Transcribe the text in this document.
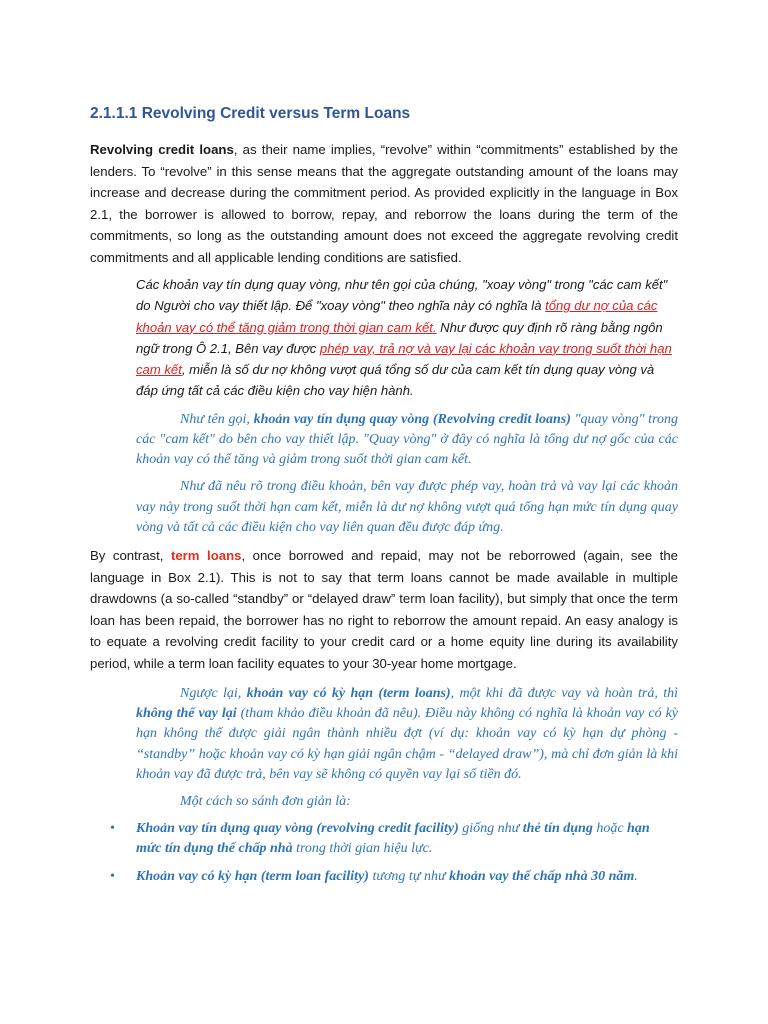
2.1.1.1 Revolving Credit versus Term Loans

Revolving credit loans, as their name implies, “revolve” within “commitments” established by the lenders. To “revolve” in this sense means that the aggregate outstanding amount of the loans may increase and decrease during the commitment period. As provided explicitly in the language in Box 2.1, the borrower is allowed to borrow, repay, and reborrow the loans during the term of the commitments, so long as the outstanding amount does not exceed the aggregate revolving credit commitments and all applicable lending conditions are satisfied.

Các khoản vay tín dụng quay vòng, như tên gọi của chúng, "xoay vòng" trong "các cam kết" do Người cho vay thiết lập. Để "xoay vòng" theo nghĩa này có nghĩa là tổng dư nợ của các khoản vay có thể tăng giảm trong thời gian cam kết. Như được quy định rõ ràng bằng ngôn ngữ trong Ô 2.1, Bên vay được phép vay, trả nợ và vay lại các khoản vay trong suốt thời hạn cam kết, miễn là số dư nợ không vượt quá tổng số dư của cam kết tín dụng quay vòng và đáp ứng tất cả các điều kiện cho vay hiện hành.

Như tên gọi, khoản vay tín dụng quay vòng (Revolving credit loans) "quay vòng" trong các "cam kết" do bên cho vay thiết lập. "Quay vòng" ở đây có nghĩa là tổng dư nợ gốc của các khoản vay có thể tăng và giảm trong suốt thời gian cam kết.

Như đã nêu rõ trong điều khoản, bên vay được phép vay, hoàn trả và vay lại các khoản vay này trong suốt thời hạn cam kết, miễn là dư nợ không vượt quá tổng hạn mức tín dụng quay vòng và tất cả các điều kiện cho vay liên quan đều được đáp ứng.

By contrast, term loans, once borrowed and repaid, may not be reborrowed (again, see the language in Box 2.1). This is not to say that term loans cannot be made available in multiple drawdowns (a so-called “standby” or “delayed draw” term loan facility), but simply that once the term loan has been repaid, the borrower has no right to reborrow the amount repaid. An easy analogy is to equate a revolving credit facility to your credit card or a home equity line during its availability period, while a term loan facility equates to your 30-year home mortgage.

Ngược lại, khoản vay có kỳ hạn (term loans), một khi đã được vay và hoàn trả, thì không thể vay lại (tham khảo điều khoản đã nêu). Điều này không có nghĩa là khoản vay có kỳ hạn không thể được giải ngân thành nhiều đợt (ví dụ: khoản vay có kỳ hạn dự phòng - “standby” hoặc khoản vay có kỳ hạn giải ngân chậm - “delayed draw”), mà chỉ đơn giản là khi khoản vay đã được trả, bên vay sẽ không có quyền vay lại số tiền đó.

Một cách so sánh đơn giản là:

• Khoản vay tín dụng quay vòng (revolving credit facility) giống như thẻ tín dụng hoặc hạn mức tín dụng thế chấp nhà trong thời gian hiệu lực.
• Khoản vay có kỳ hạn (term loan facility) tương tự như khoản vay thế chấp nhà 30 năm.
